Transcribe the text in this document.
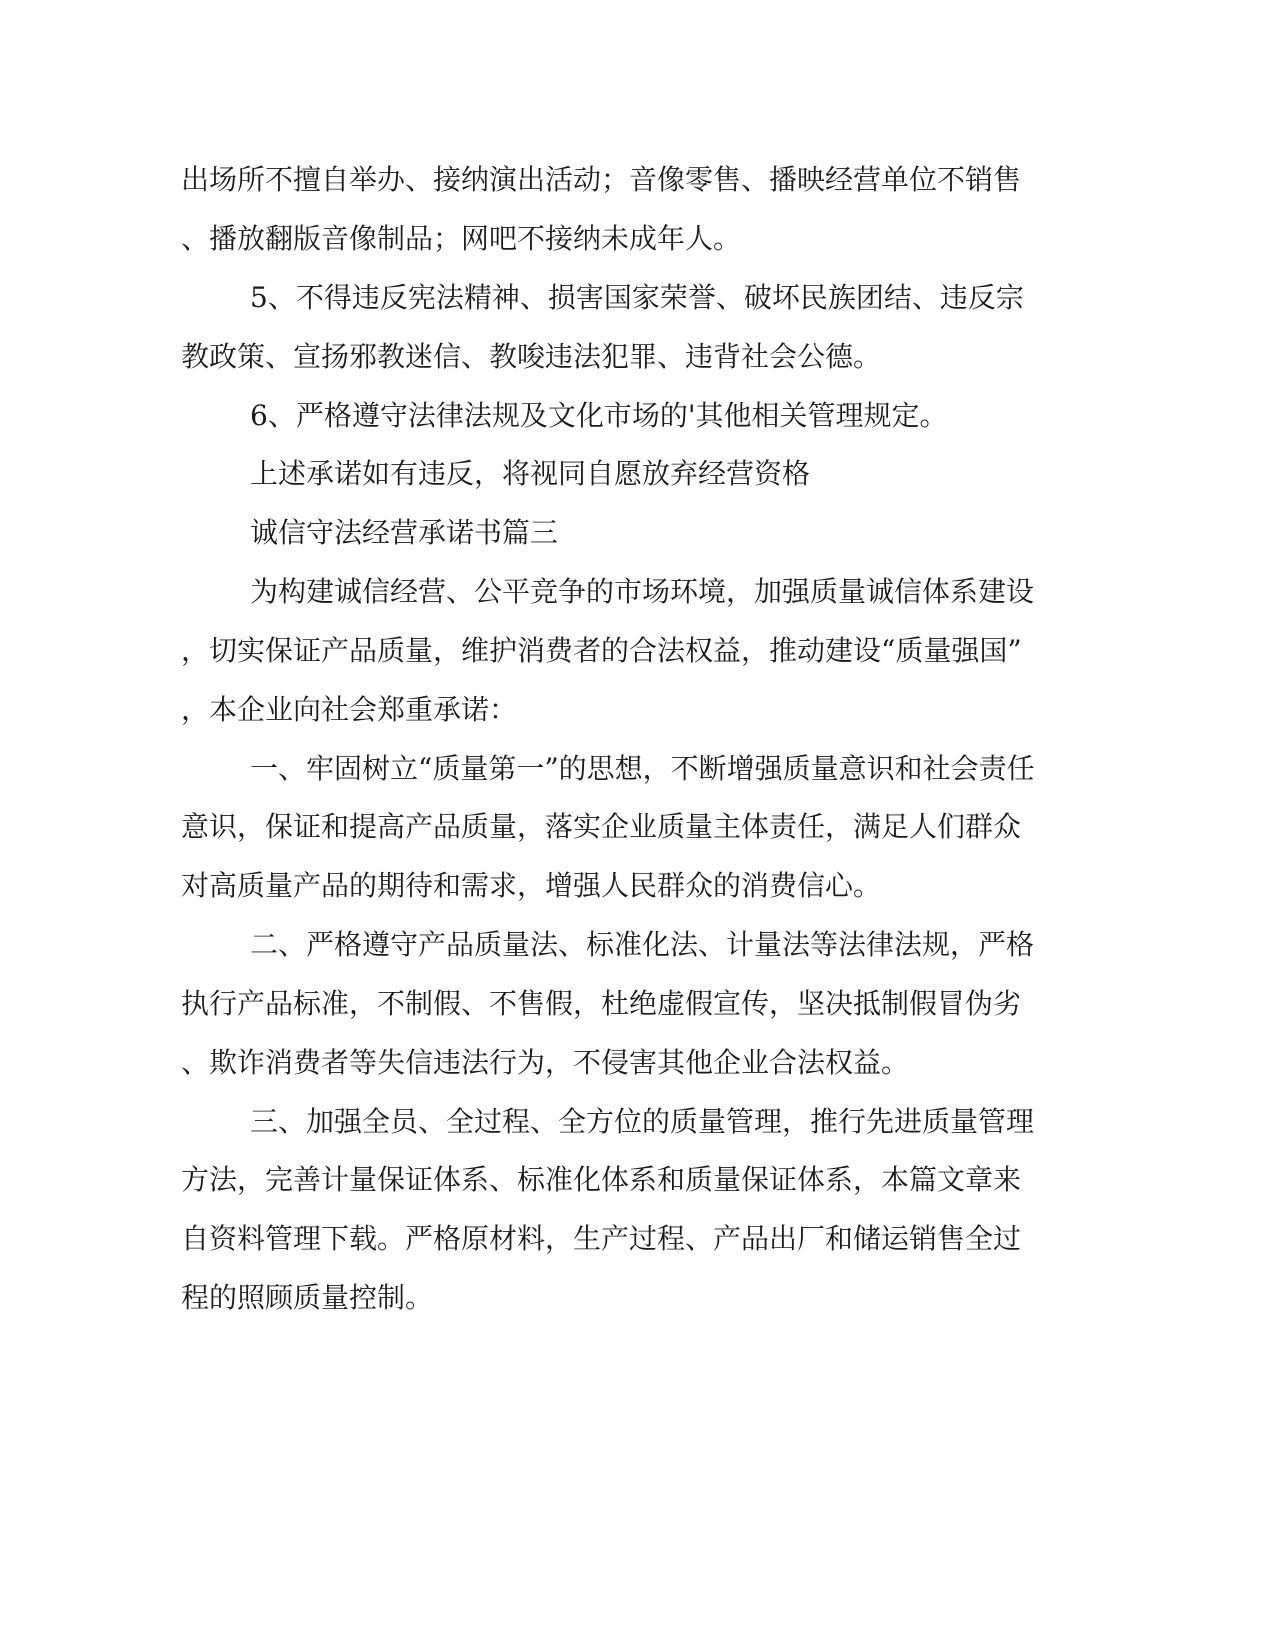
出场所不擅自举办、接纳演出活动；音像零售、播映经营单位不销售

、播放翻版音像制品；网吧不接纳未成年人。

5、不得违反宪法精神、损害国家荣誉、破坏民族团结、违反宗

教政策、宣扬邪教迷信、教唆违法犯罪、违背社会公德。

6、严格遵守法律法规及文化市场的'其他相关管理规定。

上述承诺如有违反，将视同自愿放弃经营资格

诚信守法经营承诺书篇三

为构建诚信经营、公平竞争的市场环境，加强质量诚信体系建设

，切实保证产品质量，维护消费者的合法权益，推动建设“质量强国”

，本企业向社会郑重承诺：

一、牢固树立“质量第一”的思想，不断增强质量意识和社会责任

意识，保证和提高产品质量，落实企业质量主体责任，满足人们群众

对高质量产品的期待和需求，增强人民群众的消费信心。

二、严格遵守产品质量法、标准化法、计量法等法律法规，严格

执行产品标准，不制假、不售假，杜绝虚假宣传，坚决抵制假冒伪劣

、欺诈消费者等失信违法行为，不侵害其他企业合法权益。

三、加强全员、全过程、全方位的质量管理，推行先进质量管理

方法，完善计量保证体系、标准化体系和质量保证体系，本篇文章来

自资料管理下载。严格原材料，生产过程、产品出厂和储运销售全过

程的照顾质量控制。
